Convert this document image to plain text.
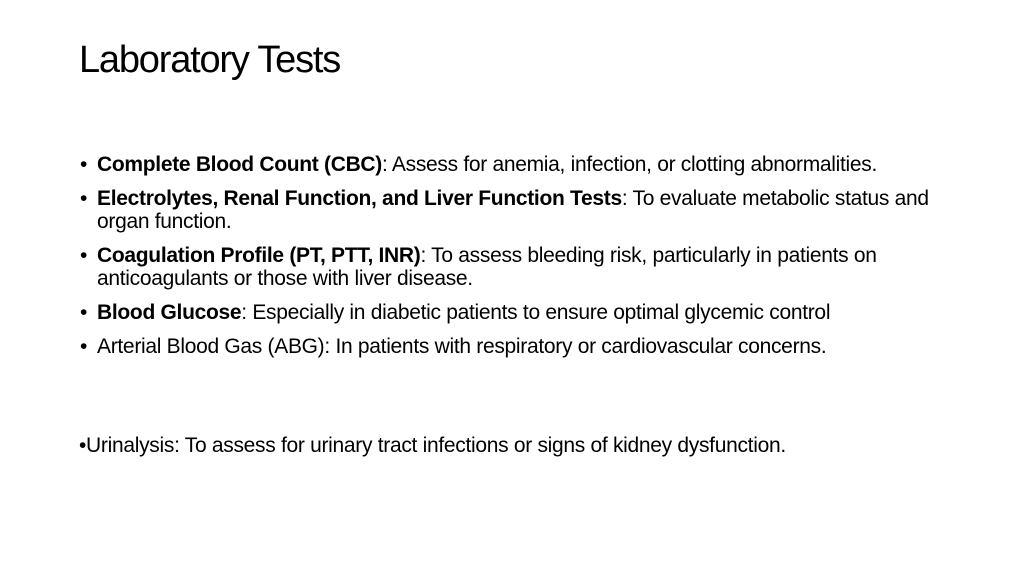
Laboratory Tests
• Complete Blood Count (CBC): Assess for anemia, infection, or clotting abnormalities.
• Electrolytes, Renal Function, and Liver Function Tests: To evaluate metabolic status and organ function.
• Coagulation Profile (PT, PTT, INR): To assess bleeding risk, particularly in patients on anticoagulants or those with liver disease.
• Blood Glucose: Especially in diabetic patients to ensure optimal glycemic control
• Arterial Blood Gas (ABG): In patients with respiratory or cardiovascular concerns.
•Urinalysis: To assess for urinary tract infections or signs of kidney dysfunction.
